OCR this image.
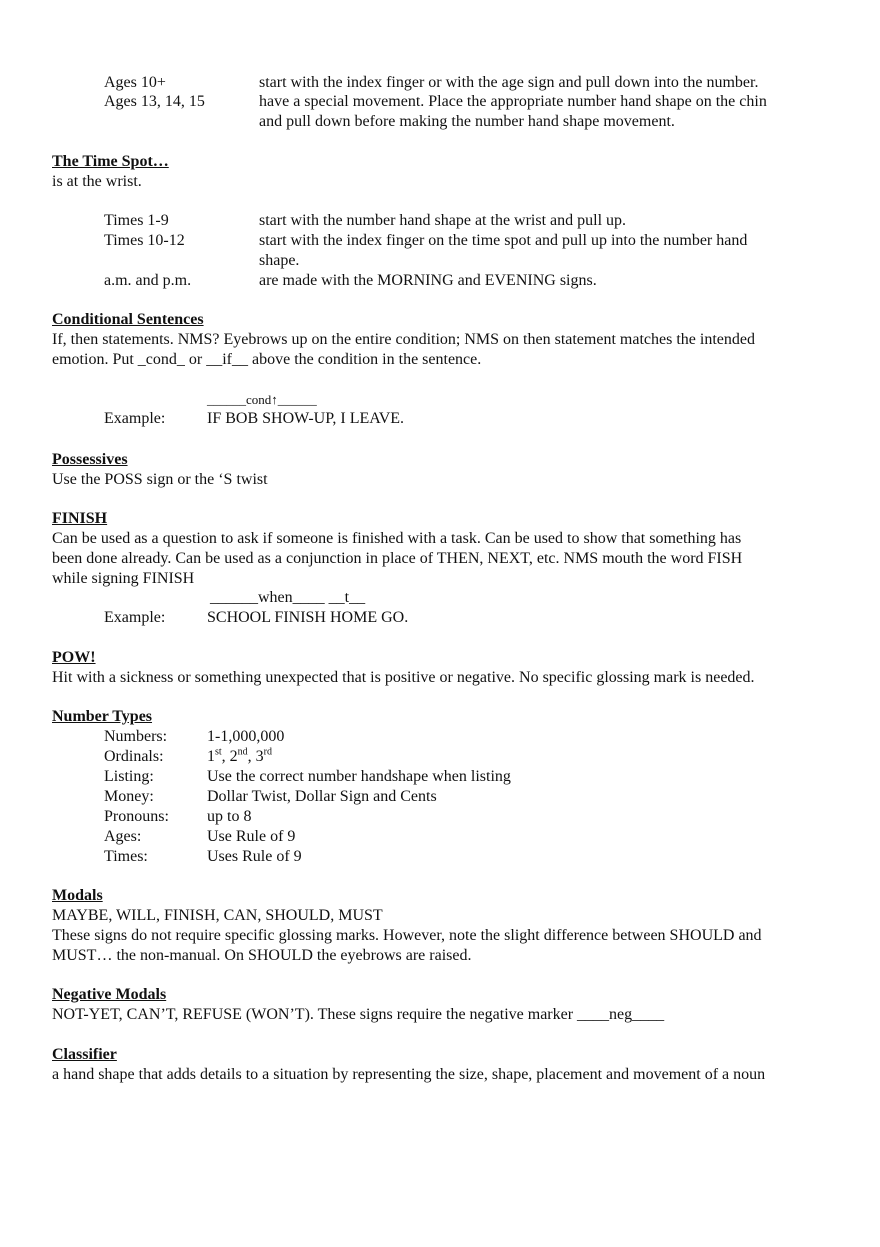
Ages 10+	start with the index finger or with the age sign and pull down into the number.
Ages 13, 14, 15	have a special movement. Place the appropriate number hand shape on the chin
and pull down before making the number hand shape movement.
The Time Spot…
is at the wrist.
Times 1-9	start with the number hand shape at the wrist and pull up.
Times 10-12	start with the index finger on the time spot and pull up into the number hand
shape.
a.m. and p.m.	are made with the MORNING and EVENING signs.
Conditional Sentences
If, then statements. NMS? Eyebrows up on the entire condition; NMS on then statement matches the intended
emotion. Put _cond_ or __if__ above the condition in the sentence.
______cond↑______
Example:	IF BOB SHOW-UP, I LEAVE.
Possessives
Use the POSS sign or the ‘S twist
FINISH
Can be used as a question to ask if someone is finished with a task. Can be used to show that something has
been done already. Can be used as a conjunction in place of THEN, NEXT, etc. NMS mouth the word FISH
while signing FINISH
______when____ __t__
Example:	SCHOOL FINISH HOME GO.
POW!
Hit with a sickness or something unexpected that is positive or negative. No specific glossing mark is needed.
Number Types
Numbers: 1-1,000,000
Ordinals:	1st, 2nd, 3rd
Listing:	Use the correct number handshape when listing
Money:	Dollar Twist, Dollar Sign and Cents
Pronouns: up to 8
Ages:	Use Rule of 9
Times:	Uses Rule of 9
Modals
MAYBE, WILL, FINISH, CAN, SHOULD, MUST
These signs do not require specific glossing marks. However, note the slight difference between SHOULD and
MUST… the non-manual. On SHOULD the eyebrows are raised.
Negative Modals
NOT-YET, CAN’T, REFUSE (WON’T). These signs require the negative marker ____neg____
Classifier
a hand shape that adds details to a situation by representing the size, shape, placement and movement of a noun
